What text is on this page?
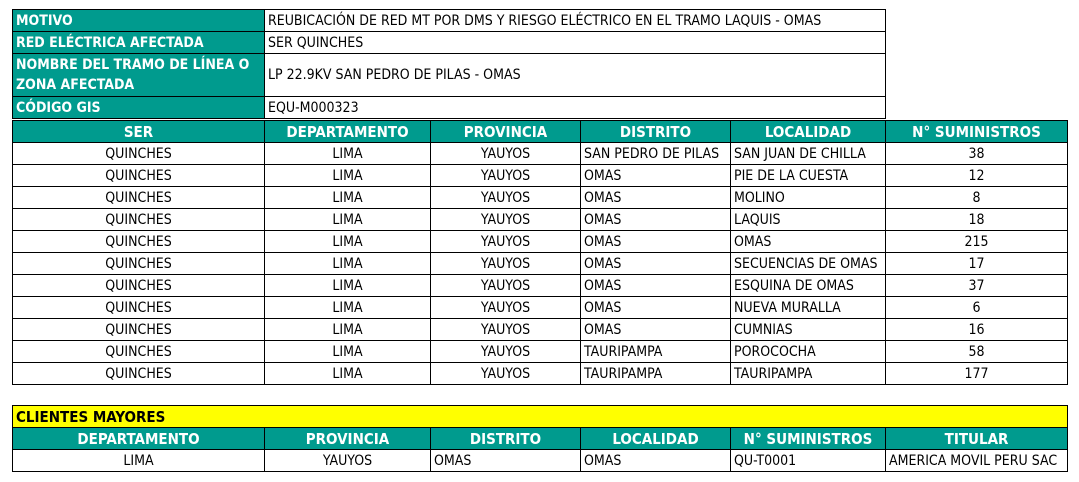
MOTIVO	REUBICACIÓN DE RED MT POR DMS Y RIESGO ELÉCTRICO EN EL TRAMO LAQUIS - OMAS
RED ELÉCTRICA AFECTADA	SER QUINCHES
NOMBRE DEL TRAMO DE LÍNEA O ZONA AFECTADA	LP 22.9KV SAN PEDRO DE PILAS - OMAS
CÓDIGO GIS	EQU-M000323
SER	DEPARTAMENTO	PROVINCIA	DISTRITO	LOCALIDAD	N° SUMINISTROS
QUINCHES	LIMA	YAUYOS	SAN PEDRO DE PILAS	SAN JUAN DE CHILLA	38
QUINCHES	LIMA	YAUYOS	OMAS	PIE DE LA CUESTA	12
QUINCHES	LIMA	YAUYOS	OMAS	MOLINO	8
QUINCHES	LIMA	YAUYOS	OMAS	LAQUIS	18
QUINCHES	LIMA	YAUYOS	OMAS	OMAS	215
QUINCHES	LIMA	YAUYOS	OMAS	SECUENCIAS DE OMAS	17
QUINCHES	LIMA	YAUYOS	OMAS	ESQUINA DE OMAS	37
QUINCHES	LIMA	YAUYOS	OMAS	NUEVA MURALLA	6
QUINCHES	LIMA	YAUYOS	OMAS	CUMNIAS	16
QUINCHES	LIMA	YAUYOS	TAURIPAMPA	POROCOCHA	58
QUINCHES	LIMA	YAUYOS	TAURIPAMPA	TAURIPAMPA	177
CLIENTES MAYORES					
DEPARTAMENTO	PROVINCIA	DISTRITO	LOCALIDAD	N° SUMINISTROS	TITULAR
LIMA	YAUYOS	OMAS	OMAS	QU-T0001	AMERICA MOVIL PERU SAC
